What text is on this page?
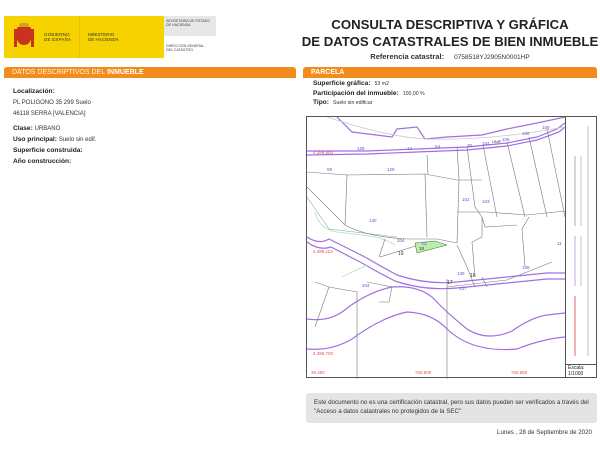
GOBIERNO
DE ESPAÑA
MINISTERIO
DE HACIENDA
SECRETARÍA DE ESTADO
DE HACIENDA
DIRECCIÓN GENERAL
DEL CATASTRO
CONSULTA DESCRIPTIVA Y GRÁFICA
DE DATOS CATASTRALES DE BIEN INMUEBLE
Referencia catastral: 0758518YJ2905N0001HP
DATOS DESCRIPTIVOS DEL INMUEBLE
Localización:
PL POLIGONO 35 299 Suelo
46118 SERRA [VALENCIA]
Clase: URBANO
Uso principal: Suelo sin edif.
Superficie construida:
Año construcción:
PARCELA
Superficie gráfica: 53 m2
Participación del inmueble: 100,00 %
Tipo: Suelo sin edificar
128
08	129
12	54	30 104
106
108
109
102	103
130
204
02
139
137
138
11
204
19
17
16
UNIF
18
4.399.800
4.399.110
4.399.700
35.450	720.500	720.550
Escala:
1/1000
Este documento no es una certificación catastral, pero sus datos pueden ser verificados a través del "Acceso a datos catastrales no protegidos de la SEC"
Lunes , 28 de Septiembre de 2020
